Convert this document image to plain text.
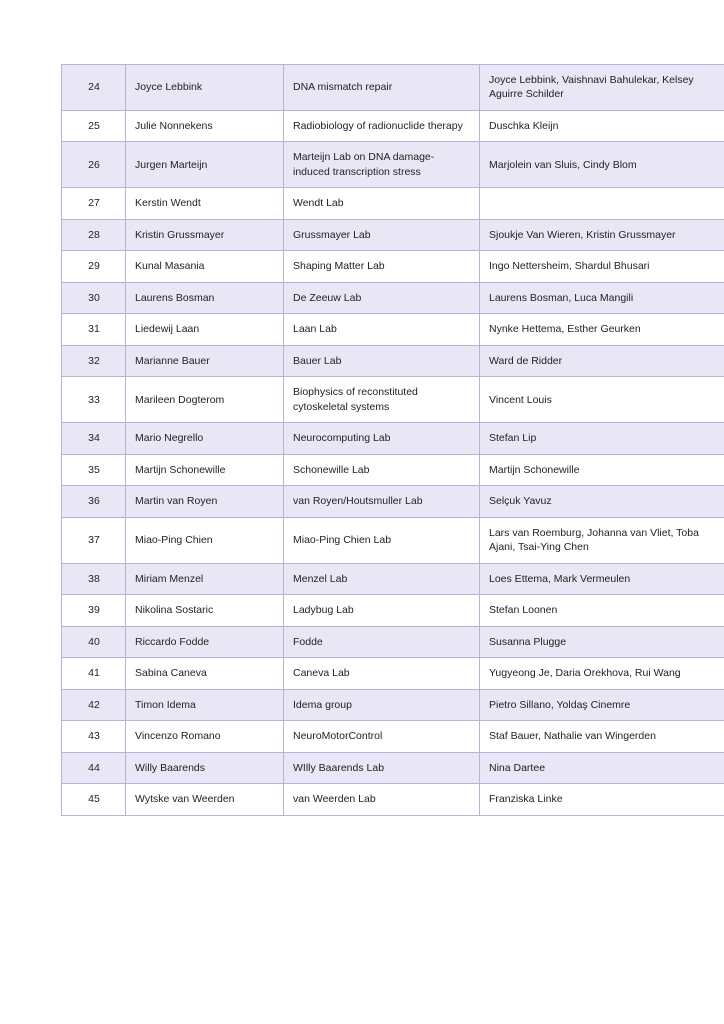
24	Joyce Lebbink	DNA mismatch repair	Joyce Lebbink, Vaishnavi Bahulekar, Kelsey Aguirre Schilder
25	Julie Nonnekens	Radiobiology of radionuclide therapy	Duschka Kleijn
26	Jurgen Marteijn	Marteijn Lab on DNA damage-induced transcription stress	Marjolein van Sluis, Cindy Blom
27	Kerstin Wendt	Wendt Lab	
28	Kristin Grussmayer	Grussmayer Lab	Sjoukje Van Wieren, Kristin Grussmayer
29	Kunal Masania	Shaping Matter Lab	Ingo Nettersheim, Shardul Bhusari
30	Laurens Bosman	De Zeeuw Lab	Laurens Bosman, Luca Mangili
31	Liedewij Laan	Laan Lab	Nynke Hettema, Esther Geurken
32	Marianne Bauer	Bauer Lab	Ward de Ridder
33	Marileen Dogterom	Biophysics of reconstituted cytoskeletal systems	Vincent Louis
34	Mario Negrello	Neurocomputing Lab	Stefan Lip
35	Martijn Schonewille	Schonewille Lab	Martijn Schonewille
36	Martin van Royen	van Royen/Houtsmuller Lab	Selçuk Yavuz
37	Miao-Ping Chien	Miao-Ping Chien Lab	Lars van Roemburg, Johanna van Vliet, Toba Ajani, Tsai-Ying Chen
38	Miriam Menzel	Menzel Lab	Loes Ettema, Mark Vermeulen
39	Nikolina Sostaric	Ladybug Lab	Stefan Loonen
40	Riccardo Fodde	Fodde	Susanna Plugge
41	Sabina Caneva	Caneva Lab	Yugyeong Je, Daria Orekhova, Rui Wang
42	Timon Idema	Idema group	Pietro Sillano, Yoldaş Cinemre
43	Vincenzo Romano	NeuroMotorControl	Staf Bauer, Nathalie van Wingerden
44	Willy Baarends	WIlly Baarends Lab	Nina Dartee
45	Wytske van Weerden	van Weerden Lab	Franziska Linke
